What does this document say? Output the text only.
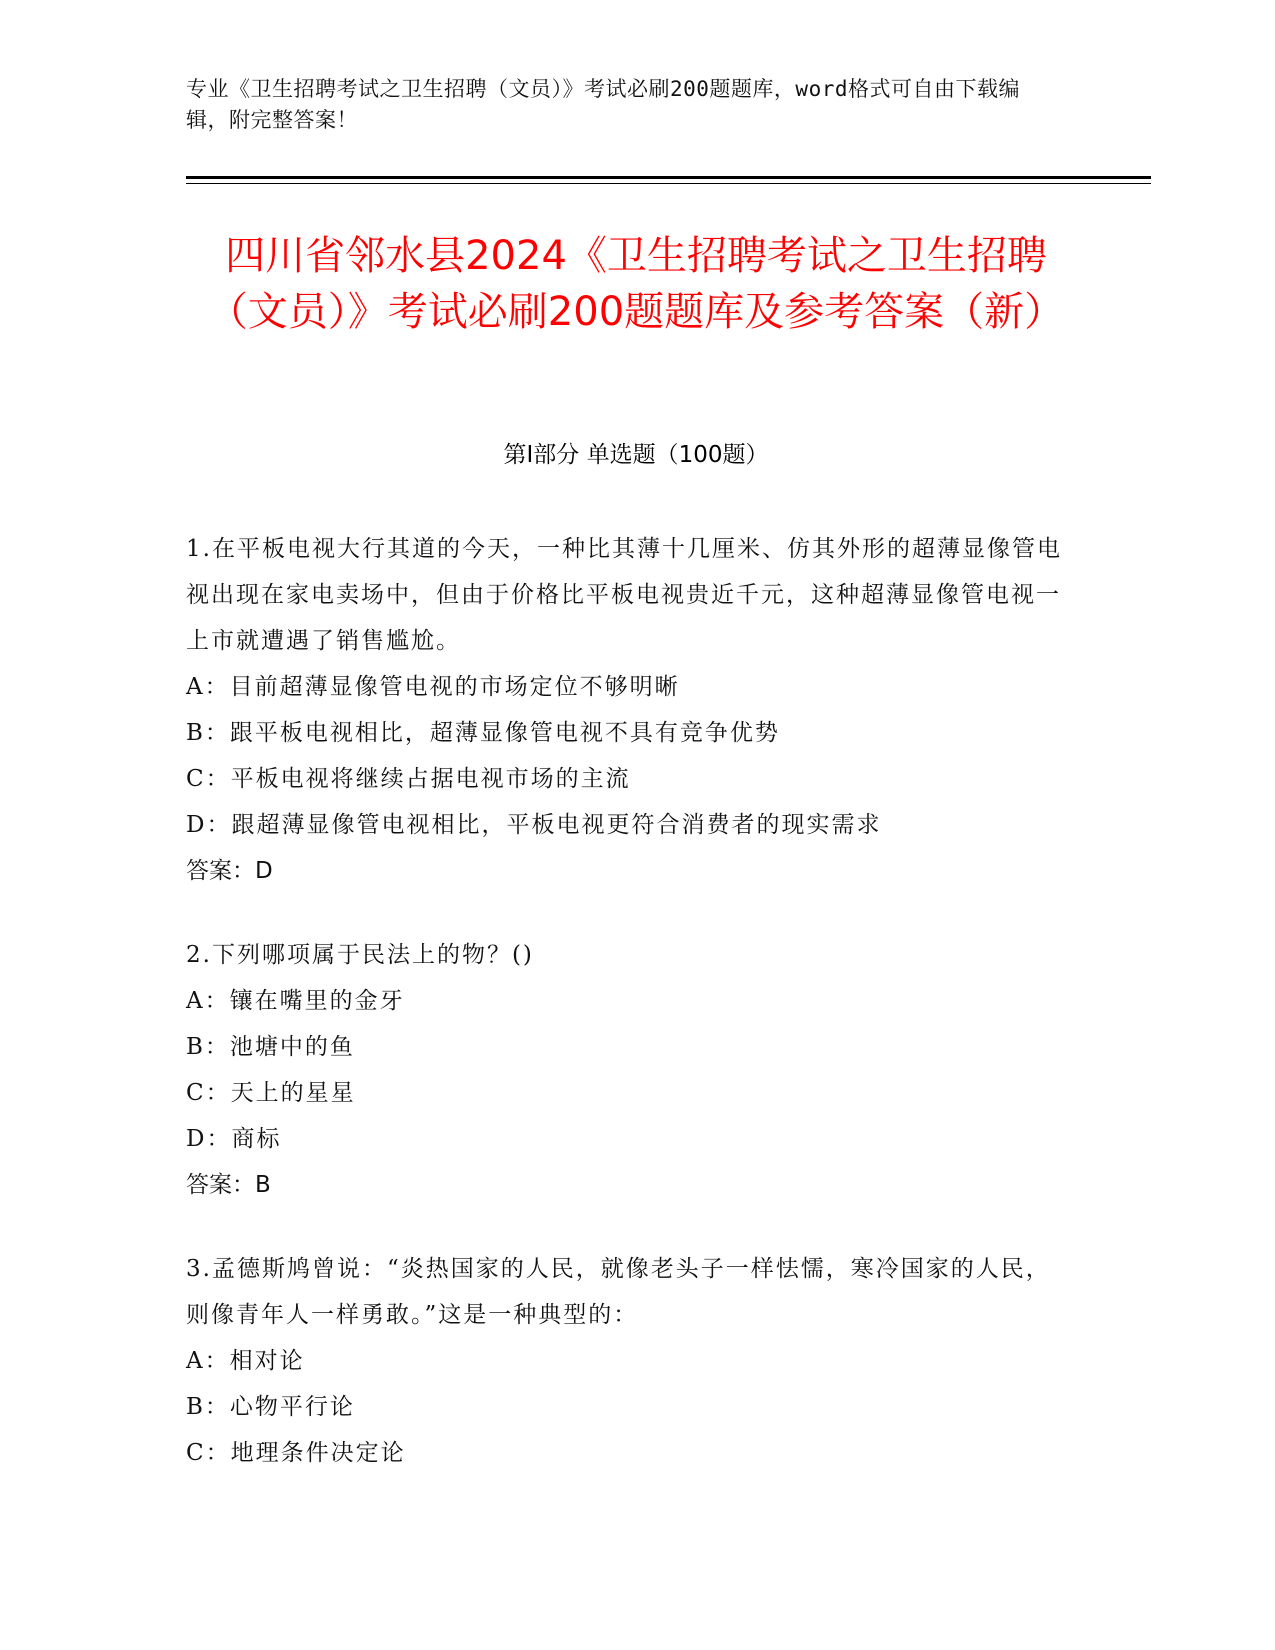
专业《卫生招聘考试之卫生招聘（文员）》考试必刷200题题库，word格式可自由下载编辑，附完整答案！
四川省邻水县2024《卫生招聘考试之卫生招聘（文员）》考试必刷200题题库及参考答案（新）
第Ⅰ部分 单选题（100题）
1.在平板电视大行其道的今天，一种比其薄十几厘米、仿其外形的超薄显像管电视出现在家电卖场中，但由于价格比平板电视贵近千元，这种超薄显像管电视一上市就遭遇了销售尴尬。
A：目前超薄显像管电视的市场定位不够明晰
B：跟平板电视相比，超薄显像管电视不具有竞争优势
C：平板电视将继续占据电视市场的主流
D：跟超薄显像管电视相比，平板电视更符合消费者的现实需求
答案：D
2.下列哪项属于民法上的物？()
A：镶在嘴里的金牙
B：池塘中的鱼
C：天上的星星
D：商标
答案：B
3.孟德斯鸠曾说：“炎热国家的人民，就像老头子一样怯懦，寒冷国家的人民，则像青年人一样勇敢。”这是一种典型的：
A：相对论
B：心物平行论
C：地理条件决定论
